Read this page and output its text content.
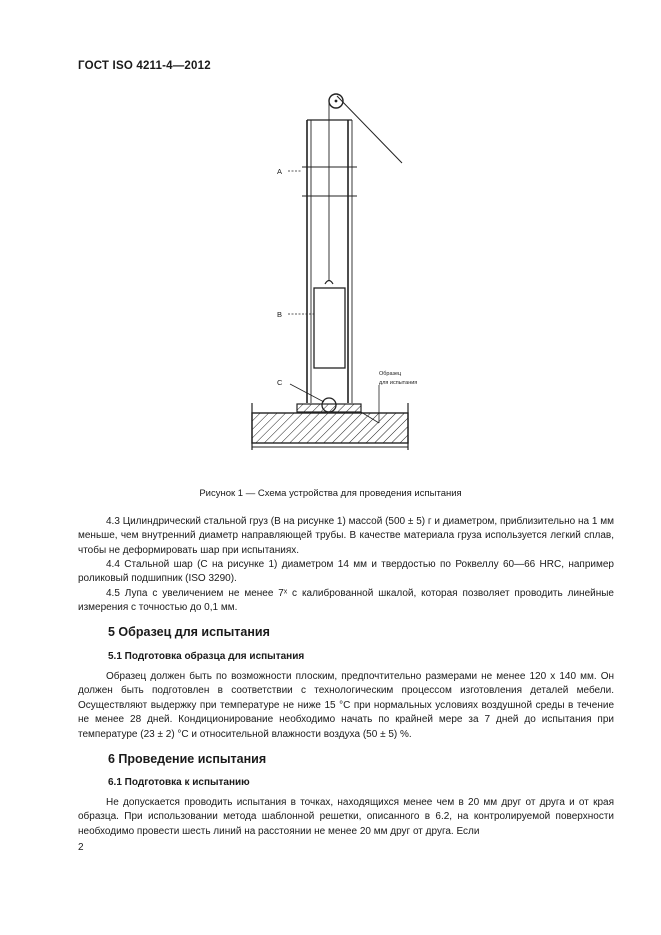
ГОСТ ISO 4211-4—2012
A
B
C
Образец
для испытания
Рисунок 1 — Схема устройства для проведения испытания
4.3 Цилиндрический стальной груз (B на рисунке 1) массой (500 ± 5) г и диаметром, приблизительно на 1 мм меньше, чем внутренний диаметр направляющей трубы. В качестве материала груза используется легкий сплав, чтобы не деформировать шар при испытаниях.
4.4 Стальной шар (C на рисунке 1) диаметром 14 мм и твердостью по Роквеллу 60—66 HRC, например роликовый подшипник (ISO 3290).
4.5 Лупа с увеличением не менее 7ˣ с калиброванной шкалой, которая позволяет проводить линейные измерения с точностью до 0,1 мм.
5 Образец для испытания
5.1 Подготовка образца для испытания
Образец должен быть по возможности плоским, предпочтительно размерами не менее 120 х 140 мм. Он должен быть подготовлен в соответствии с технологическим процессом изготовления деталей мебели. Осуществляют выдержку при температуре не ниже 15 °С при нормальных условиях воздушной среды в течение не менее 28 дней. Кондиционирование необходимо начать по крайней мере за 7 дней до испытания при температуре (23 ± 2) °С и относительной влажности воздуха (50 ± 5) %.
6 Проведение испытания
6.1 Подготовка к испытанию
Не допускается проводить испытания в точках, находящихся менее чем в 20 мм друг от друга и от края образца. При использовании метода шаблонной решетки, описанного в 6.2, на контролируемой поверхности необходимо провести шесть линий на расстоянии не менее 20 мм друг от друга. Если
2
